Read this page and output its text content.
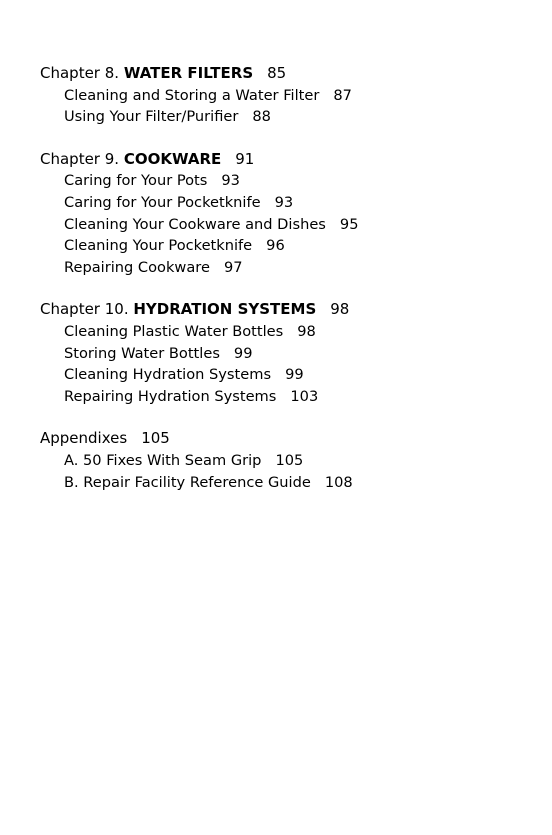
Chapter 8. WATER FILTERS 85
Cleaning and Storing a Water Filter 87
Using Your Filter/Purifier 88
Chapter 9. COOKWARE 91
Caring for Your Pots 93
Caring for Your Pocketknife 93
Cleaning Your Cookware and Dishes 95
Cleaning Your Pocketknife 96
Repairing Cookware 97
Chapter 10. HYDRATION SYSTEMS 98
Cleaning Plastic Water Bottles 98
Storing Water Bottles 99
Cleaning Hydration Systems 99
Repairing Hydration Systems 103
Appendixes 105
A. 50 Fixes With Seam Grip 105
B. Repair Facility Reference Guide 108
